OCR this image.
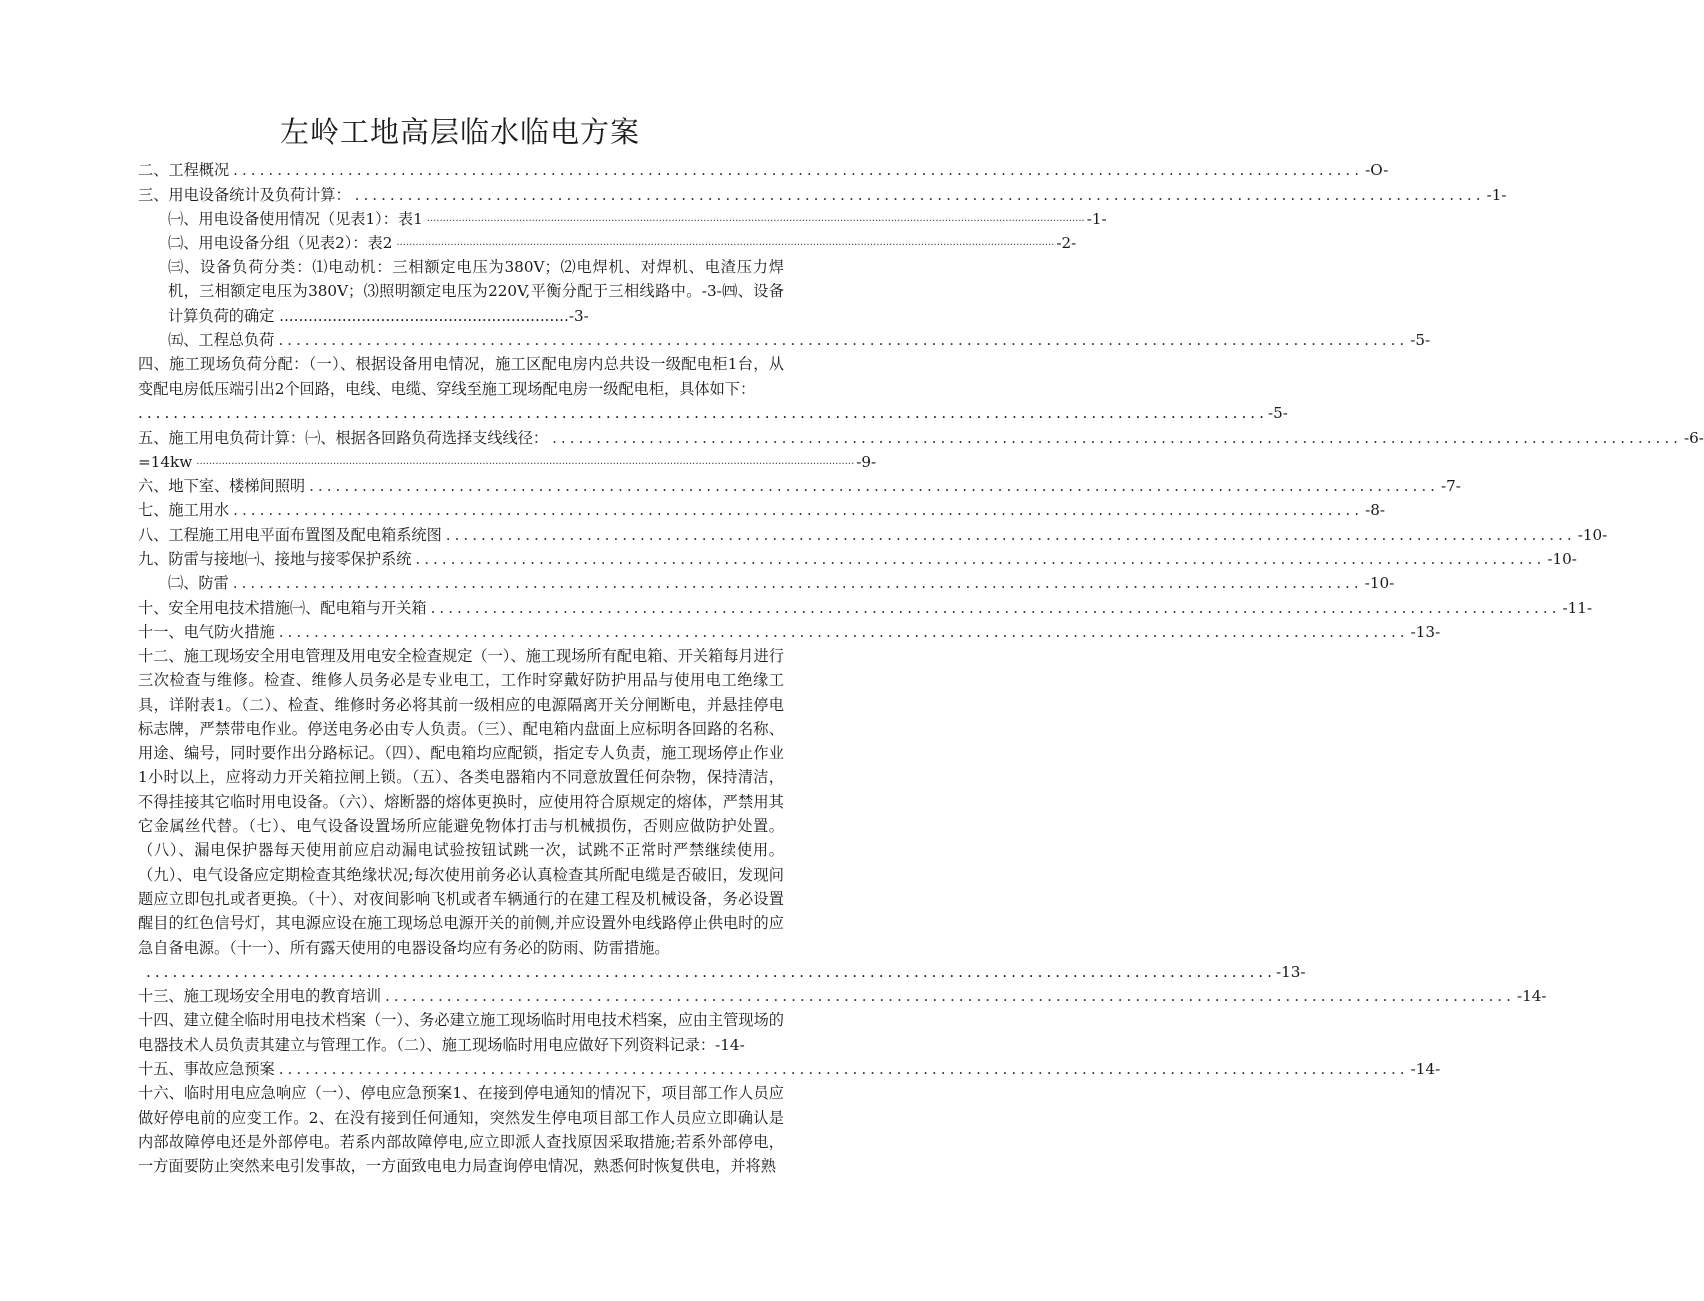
左岭工地高层临水临电方案
二、工程概况 ................................................................................................................................ -O-
三、用电设备统计及负荷计算： ................................................................................................................................ -1-
㈠、用电设备使用情况（见表1）：表1 ............................................................................................................................................................................................................... -1-
㈡、用电设备分组（见表2）：表2 ............................................................................................................................................................................................................... -2-
㈢、设备负荷分类：⑴电动机：三相额定电压为380V；⑵电焊机、对焊机、电渣压力焊机，三相额定电压为380V；⑶照明额定电压为220V,平衡分配于三相线路中。-3-㈣、设备计算负荷的确定 ............................................................-3-
㈤、工程总负荷 ................................................................................................................................ -5-
四、施工现场负荷分配：（一）、根据设备用电情况，施工区配电房内总共设一级配电柜1台，从变配电房低压端引出2个回路，电线、电缆、穿线至施工现场配电房一级配电柜，具体如下：
................................................................................................................................ -5-
五、施工用电负荷计算：㈠、根据各回路负荷选择支线线径： ................................................................................................................................ -6-
=14kw ............................................................................................................................................................................................................... -9-
六、地下室、楼梯间照明 ................................................................................................................................ -7-
七、施工用水 ................................................................................................................................ -8-
八、工程施工用电平面布置图及配电箱系统图 ................................................................................................................................ -10-
九、防雷与接地㈠、接地与接零保护系统 ................................................................................................................................ -10-
㈡、防雷 ................................................................................................................................ -10-
十、安全用电技术措施㈠、配电箱与开关箱 ................................................................................................................................ -11-
十一、电气防火措施 ................................................................................................................................ -13-
十二、施工现场安全用电管理及用电安全检查规定（一）、施工现场所有配电箱、开关箱每月进行三次检查与维修。检查、维修人员务必是专业电工，工作时穿戴好防护用品与使用电工绝缘工具，详附表1。（二）、检查、维修时务必将其前一级相应的电源隔离开关分闸断电，并悬挂停电标志牌，严禁带电作业。停送电务必由专人负责。（三）、配电箱内盘面上应标明各回路的名称、用途、编号，同时要作出分路标记。（四）、配电箱均应配锁，指定专人负责，施工现场停止作业1小时以上，应将动力开关箱拉闸上锁。（五）、各类电器箱内不同意放置任何杂物，保持清洁，不得挂接其它临时用电设备。（六）、熔断器的熔体更换时，应使用符合原规定的熔体，严禁用其它金属丝代替。（七）、电气设备设置场所应能避免物体打击与机械损伤，否则应做防护处置。（八）、漏电保护器每天使用前应启动漏电试验按钮试跳一次，试跳不正常时严禁继续使用。（九）、电气设备应定期检查其绝缘状况;每次使用前务必认真检查其所配电缆是否破旧，发现问题应立即包扎或者更换。（十）、对夜间影响飞机或者车辆通行的在建工程及机械设备，务必设置醒目的红色信号灯，其电源应设在施工现场总电源开关的前侧,并应设置外电线路停止供电时的应急自备电源。（十一）、所有露天使用的电器设备均应有务必的防雨、防雷措施。
................................................................................................................................ -13-
十三、施工现场安全用电的教育培训 ................................................................................................................................ -14-
十四、建立健全临时用电技术档案（一）、务必建立施工现场临时用电技术档案，应由主管现场的电器技术人员负责其建立与管理工作。（二）、施工现场临时用电应做好下列资料记录：-14-
十五、事故应急预案 ................................................................................................................................ -14-
十六、临时用电应急响应（一）、停电应急预案1、在接到停电通知的情况下，项目部工作人员应做好停电前的应变工作。2、在没有接到任何通知，突然发生停电项目部工作人员应立即确认是内部故障停电还是外部停电。若系内部故障停电,应立即派人查找原因采取措施;若系外部停电，一方面要防止突然来电引发事故，一方面致电电力局查询停电情况，熟悉何时恢复供电，并将熟
